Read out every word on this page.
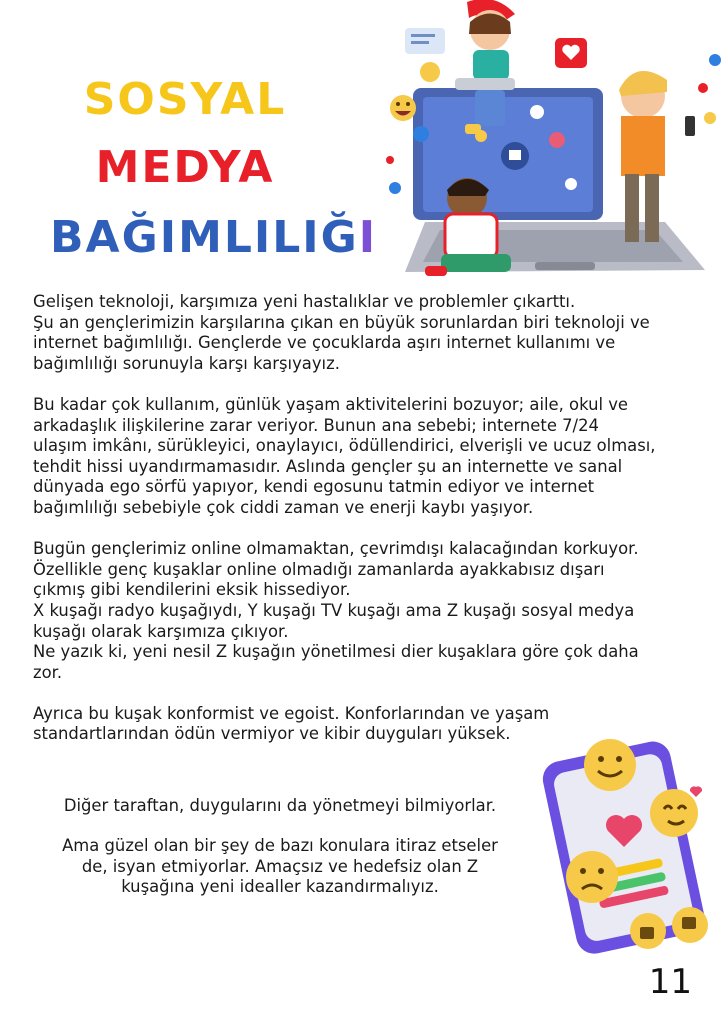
SOSYAL
MEDYA
BAĞIMLILIĞI

Gelişen teknoloji, karşımıza yeni hastalıklar ve problemler çıkarttı.
Şu an gençlerimizin karşılarına çıkan en büyük sorunlardan biri teknoloji ve
internet bağımlılığı. Gençlerde ve çocuklarda aşırı internet kullanımı ve
bağımlılığı sorunuyla karşı karşıyayız.

Bu kadar çok kullanım, günlük yaşam aktivitelerini bozuyor; aile, okul ve
arkadaşlık ilişkilerine zarar veriyor. Bunun ana sebebi; internete 7/24
ulaşım imkânı, sürükleyici, onaylayıcı, ödüllendirici, elverişli ve ucuz olması,
tehdit hissi uyandırmamasıdır. Aslında gençler şu an internette ve sanal
dünyada ego sörfü yapıyor, kendi egosunu tatmin ediyor ve internet
bağımlılığı sebebiyle çok ciddi zaman ve enerji kaybı yaşıyor.

Bugün gençlerimiz online olmamaktan, çevrimdışı kalacağından korkuyor.
Özellikle genç kuşaklar online olmadığı zamanlarda ayakkabısız dışarı
çıkmış gibi kendilerini eksik hissediyor.
X kuşağı radyo kuşağıydı, Y kuşağı TV kuşağı ama Z kuşağı sosyal medya
kuşağı olarak karşımıza çıkıyor.
Ne yazık ki, yeni nesil Z kuşağın yönetilmesi dier kuşaklara göre çok daha
zor.

Ayrıca bu kuşak konformist ve egoist. Konforlarından ve yaşam
standartlarından ödün vermiyor ve kibir duyguları yüksek.

Diğer taraftan, duygularını da yönetmeyi bilmiyorlar.

Ama güzel olan bir şey de bazı konulara itiraz etseler
de, isyan etmiyorlar. Amaçsız ve hedefsiz olan Z
kuşağına yeni idealler kazandırmalıyız.

11
